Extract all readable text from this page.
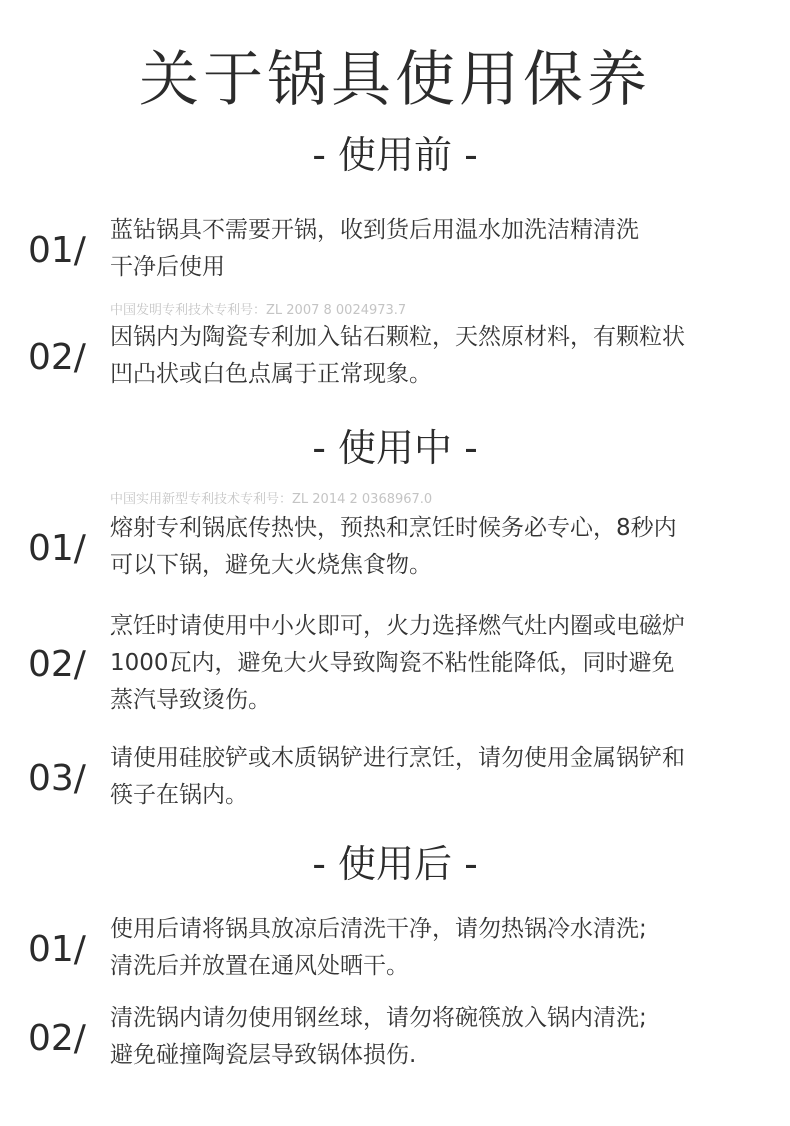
关于锅具使用保养
- 使用前 -
01/ 蓝钻锅具不需要开锅，收到货后用温水加洗洁精清洗
干净后使用
中国发明专利技术专利号：ZL 2007 8 0024973.7
02/ 因锅内为陶瓷专利加入钻石颗粒，天然原材料，有颗粒状
凹凸状或白色点属于正常现象。
- 使用中 -
中国实用新型专利技术专利号：ZL 2014 2 0368967.0
01/ 熔射专利锅底传热快，预热和烹饪时候务必专心，8秒内
可以下锅，避免大火烧焦食物。
02/
烹饪时请使用中小火即可，火力选择燃气灶内圈或电磁炉
1000瓦内，避免大火导致陶瓷不粘性能降低，同时避免
蒸汽导致烫伤。
03/ 请使用硅胶铲或木质锅铲进行烹饪，请勿使用金属锅铲和
筷子在锅内。
- 使用后 -
01/ 使用后请将锅具放凉后清洗干净，请勿热锅冷水清洗;
清洗后并放置在通风处晒干。
02/ 清洗锅内请勿使用钢丝球，请勿将碗筷放入锅内清洗;
避免碰撞陶瓷层导致锅体损伤.
